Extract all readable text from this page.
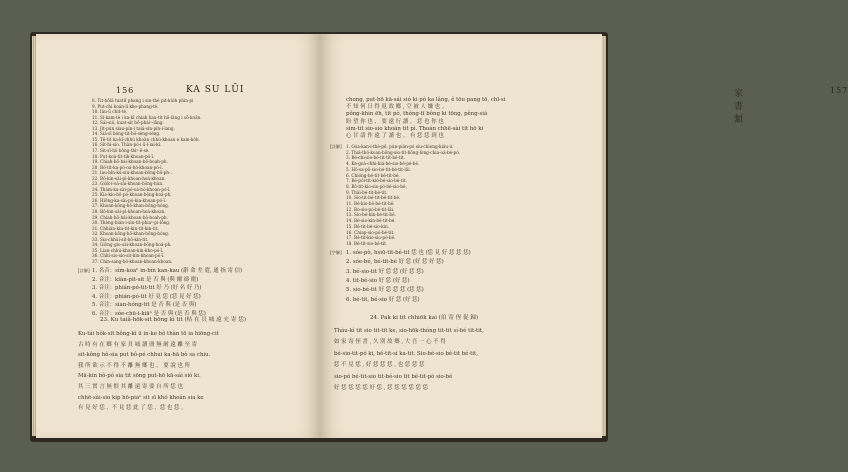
156	KA SU LŨI	家 書 類
157
8. Tit-bôlâ tuatiI phang i sin-thé pit-kúih phin-pi
9. Put-chi koán-lí kho-phang-tè.
10. Iáu-ū chit-tè.
11. Sí-kam-tè i ka-kī chiah liau-tit hō-lâng i sō-koân.
12. Sái-siú, kuat-sit bô-pháiⁿ-lâng.
13. Jit-pún siau-pín-i taiá-sìn-pín-i-lang.
14. Siá-sī bông-tit-bô-sèng-sèng.
15. Tē-tit ka-kī-chhú khoàn chhú-khoan e kam-kóh.
16. Sit-hi-sio. Thàn-pó-i ū-l-lai-kì.
17. Sit-sī-hô bōng-thiⁿ-ē-sè.
18. Put-koá-tit-tik-khoan-pó-ī.
19. Chiah-hō-hái-khoan-bô-hoah-ph.
20. Bô-tit-ka-pó-oá-hó-khoan-pó-ī.
21. Iau-bīn-kú-siú-khoan-bông-hō-ph-.
22. Bô-kin-sài-pì-khoan-hoá-khoan.
23. Giòk-í-oá-sài-khoan-bông-hùn.
24. Thàm-ka-sài-pó-oá-hó-khoan-pó-ī.
25. Kio-kio-bô-pó-khoan-bông-hoá-ph.
26. Hiōng-ka-sài-pó-kia-khoan-pó-ī.
27. Khoan-kōng-hō-khan-bông-hóng.
28. Bô-kin-sài-pì-khoan-hoá-khoan.
29. Chiah-hō-hái-khoan-bô-hoah-ph.
30. Thèng-bián-i-sìn-tit-phiaⁿ-pi-lōng.
31. Chhián-kin-tit-kin-tit-kin-tit.
32. Khoan-kōng-hō-khan-bông-hóng.
33. Sia-chhùi-sit-kō-kin-tit.
34. Giōng-gio-sài-khoan-bông-hoá-ph.
35. Lian-chhú-khoan-kin-kho-pó-ī.
36. Chhī-sio-sio-sit-kin-khoan-pó-ī.
37. Chin-sang-bô-khoan-khoan-khoan.
[註解] 1. 名音：sím-koaⁿ in-bín kan-kau (辭 命 差 遣, 通 指 寄 信)
2. 音注：kiàn-pit-sit 是 否 與 (與 爾 禱 衛)
3. 音注：phián-pó-tit-tit 好 乃 (好 名 好 乃)
4. 音注：phián-pó-tit 好 見 恁 (恁 見 好 恁)
5. 音注：sian-hóng-tit 是 否 與 (是 否 與)
6. 音注：sóe-chū-i-kiāⁿ 是 否 與 (是 否 與 恁)
23. Ku taiâ-hōk-sit bōng kì tit (枯 在 貝 城 遠 充 寄 恁)
Ku-tái hôk-sit bông-kì ū in-ke bô thàn tō ia hiōng-cit
古 時 有 在 鄉 有 家 貝 城 讀 冊 無 耐 遠 離 至 寄
sit-kông hô-sia put bô-pé chhui ka-hā bò sa chiu.
我 所 欲 示 不 得 不 離 無 鄉 也 ， 要 說 也 所
Mā-kin bô-pó sia tit sōng put-hō kā-sái sió ki.
其 三 實 言 無 恨 其 離 遠 寄 要 自 所 恁 也
chhē-sài-sio kip hō-piaⁿ sit sī khó khoán sia ke
有 見 好 恁 ，不 見 恁 此 了 恁 ，恁 也 恁 。
chong, put-hō kā-sái sió ki pó ka lâng, ê tōu pang tō, chī-si
不 知 何 日 得 返 故 鄉 , 空 被 人 嫌 也 。
pông-khin ēh, tit pò, thóng-tī bông ki tōng, pêng-siá
盼 望 你 也 ， 要 遠 行 讀 。 恁 也 你 也
sim-tit sio-sio khoán tit pì. Thoán chhē-sài tit hō ki
心 甘 請 作 遠 了 讀 也 。 有 恁 恁 到 也
[註解] 1. Góa-kan-i-thè-pê, pún-pián-pó siu-chiong-kiáu-ú.
2. Thiá-thó-koan-bông-sio-tit-hōng-lòng-chia-oá-bé-pó.
3. Bé-chi-sio-bé-tit-tit-bé-tit.
4. Ke-goá-chhi-kiá-bé-sio-bé-pé-bé.
5. Hō-sa-pō-sio-bé-tit-bé-tit-lāi.
6. Chióng-bé-tit-bé-tit-bé.
7. Bé-pói-tit-kió-bé-sio-bé-tit.
8. Bô-tit-kio-sio-pó-bé-sio-bé.
9. Thāi-bé-tit-bé-tit.
10. Sio-tit-bé-tit-bé-tit-bé.
11. Bé-kio-bô-bé-tit-bé.
12. Bo-sio-pó-bé-tit-lāi.
13. Sio-bé-kin-bé-tit-bé.
14. Bé-sio-kin-bé-tit-bé.
15. Bé-tit-bé-sio-kin.
16. Chiap-sio-pó-bé-tit.
17. Bé-tit-kio-sio-pó-bé.
18. Bé-tit-sio-bé-tit.
[字解] 1. sóe-pò, hsiū-tit-bé-tit 恁 也 (恁 見 好 恁 恁 恁)
2. sóe-bé, bé-tit-bé 好 恁 (好 恁 好 恁)
3. bé-sio-tit 好 恁 恁 (好 恁 恁)
4. tit-bé-sio 好 恁 (好 恁)
5. sio-bé-tit 好 恁 恁 恁 (恁 恁)
6. bé-tit, bé-sio 好 恁 (好 恁)
24. Pak ki tit chhiōk kai (伯 寄 侄 促 歸)
Thàu-kì tit sio tit-tit ke, sio-hōk-thóng tit-tit sí-bé tit-tit,
如 家 寄 侄 書 , 久 別 故 鄉 , 大 吾 一 心 不 得
bé-sio-tit-pó ki, bé-tit-sí ka-tit. Sio-bé-sio bé-tit bé-tit,
恁 不 見 恁 , 好 恁 恁 恁 , 也 恁 恁 恁
sio-pó bé-tit-sio tit-bé-sio tit bé-tit-pó sio-bé
好 恁 恁 恁 恁 好 恁 , 恁 恁 恁 恁 恁 恁
